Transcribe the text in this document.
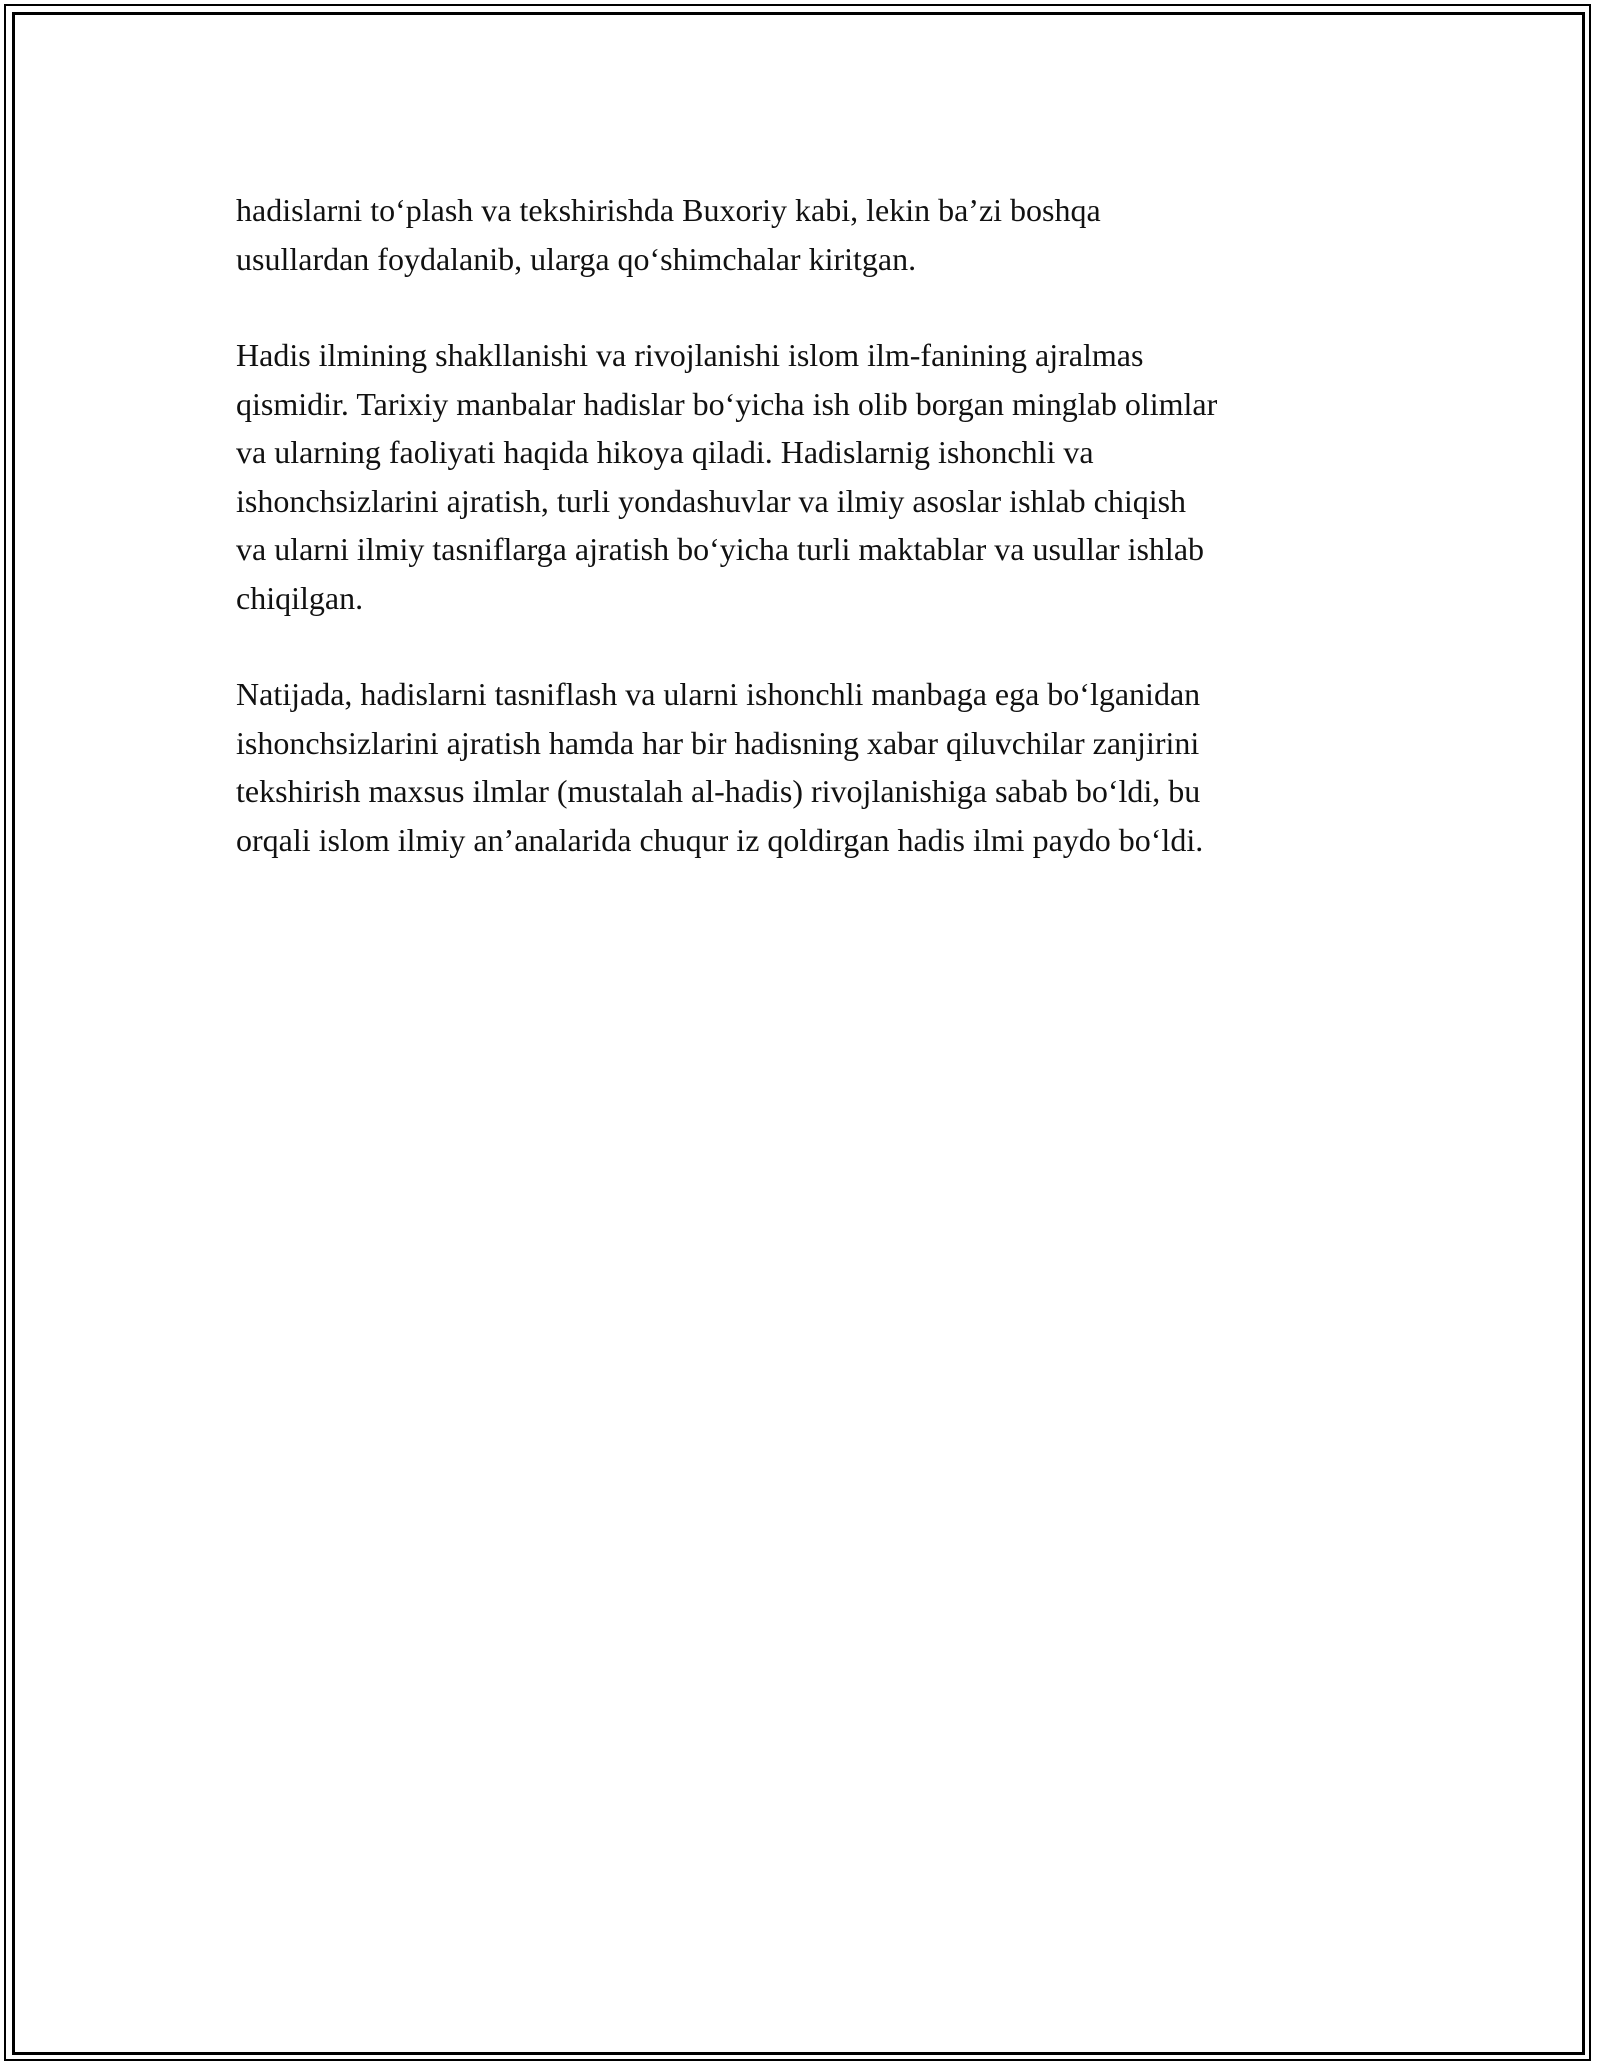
hadislarni to‘plash va tekshirishda Buxoriy kabi, lekin ba’zi boshqa
usullardan foydalanib, ularga qo‘shimchalar kiritgan.

Hadis ilmining shakllanishi va rivojlanishi islom ilm-fanining ajralmas
qismidir. Tarixiy manbalar hadislar bo‘yicha ish olib borgan minglab olimlar
va ularning faoliyati haqida hikoya qiladi. Hadislarnig ishonchli va
ishonchsizlarini ajratish, turli yondashuvlar va ilmiy asoslar ishlab chiqish
va ularni ilmiy tasniflarga ajratish bo‘yicha turli maktablar va usullar ishlab
chiqilgan.

Natijada, hadislarni tasniflash va ularni ishonchli manbaga ega bo‘lganidan
ishonchsizlarini ajratish hamda har bir hadisning xabar qiluvchilar zanjirini
tekshirish maxsus ilmlar (mustalah al-hadis) rivojlanishiga sabab bo‘ldi, bu
orqali islom ilmiy an’analarida chuqur iz qoldirgan hadis ilmi paydo bo‘ldi.
